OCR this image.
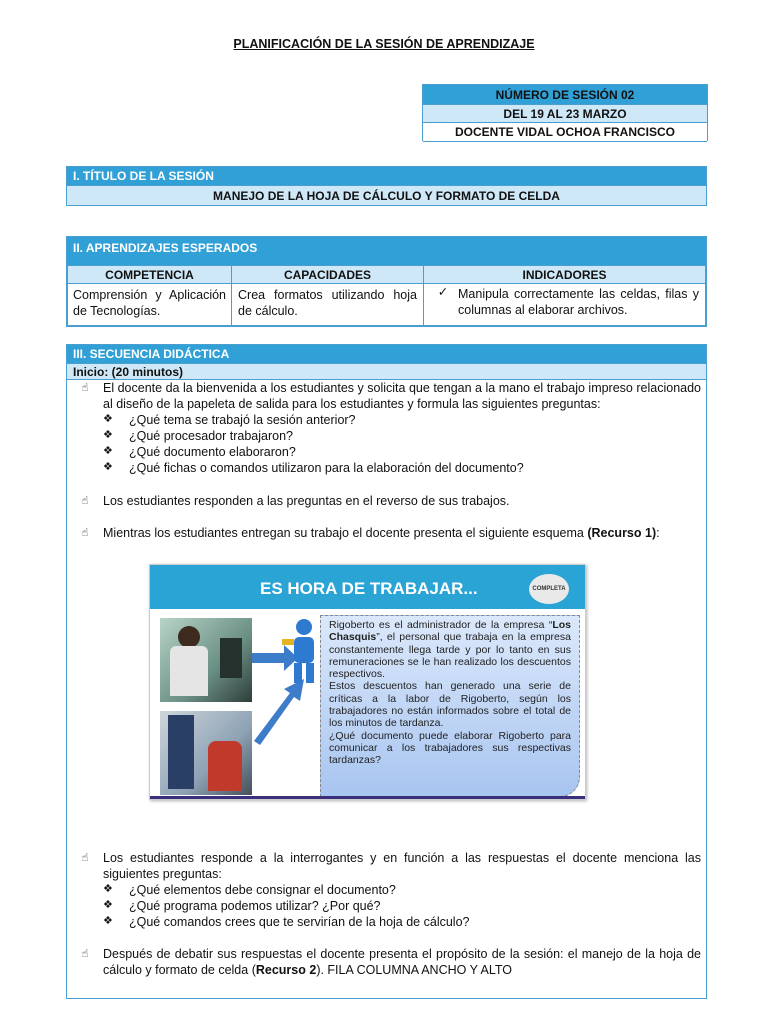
PLANIFICACIÓN DE LA SESIÓN DE APRENDIZAJE
NÚMERO DE SESIÓN 02
DEL 19 AL 23 MARZO
DOCENTE VIDAL OCHOA FRANCISCO
I. TÍTULO DE LA SESIÓN
MANEJO DE LA HOJA DE CÁLCULO Y FORMATO DE CELDA
II. APRENDIZAJES ESPERADOS
COMPETENCIA	CAPACIDADES	INDICADORES

Comprensión y Aplicación de Tecnologías.	Crea formatos utilizando hoja de cálculo.	✓ Manipula correctamente las celdas, filas y columnas al elaborar archivos.

III. SECUENCIA DIDÁCTICA
Inicio: (20 minutos)
☝	El docente da la bienvenida a los estudiantes y solicita que tengan a la mano el trabajo impreso relacionado al diseño de la papeleta de salida para los estudiantes y formula las siguientes preguntas:

❖	¿Qué tema se trabajó la sesión anterior?

❖	¿Qué procesador trabajaron?

❖	¿Qué documento elaboraron?

❖	¿Qué fichas o comandos utilizaron para la elaboración del documento?

☝	Los estudiantes responden a las preguntas en el reverso de sus trabajos.

☝	Mientras los estudiantes entregan su trabajo el docente presenta el siguiente esquema (Recurso 1):

ES HORA DE TRABAJAR...	COMPLETA

Rigoberto es el administrador de la empresa “Los Chasquis”, el personal que trabaja en la empresa constantemente llega tarde y por lo tanto en sus remuneraciones se le han realizado los descuentos respectivos.

Estos descuentos han generado una serie de críticas a la labor de Rigoberto, según los trabajadores no están informados sobre el total de los minutos de tardanza.

¿Qué documento puede elaborar Rigoberto para comunicar a los trabajadores sus respectivas tardanzas?

☝	Los estudiantes responde a la interrogantes y en función a las respuestas el docente menciona las siguientes preguntas:

❖	¿Qué elementos debe consignar el documento?

❖	¿Qué programa podemos utilizar? ¿Por qué?

❖	¿Qué comandos crees que te servirían de la hoja de cálculo?

☝	Después de debatir sus respuestas el docente presenta el propósito de la sesión: el manejo de la hoja de cálculo y formato de celda (Recurso 2). FILA COLUMNA ANCHO Y ALTO
